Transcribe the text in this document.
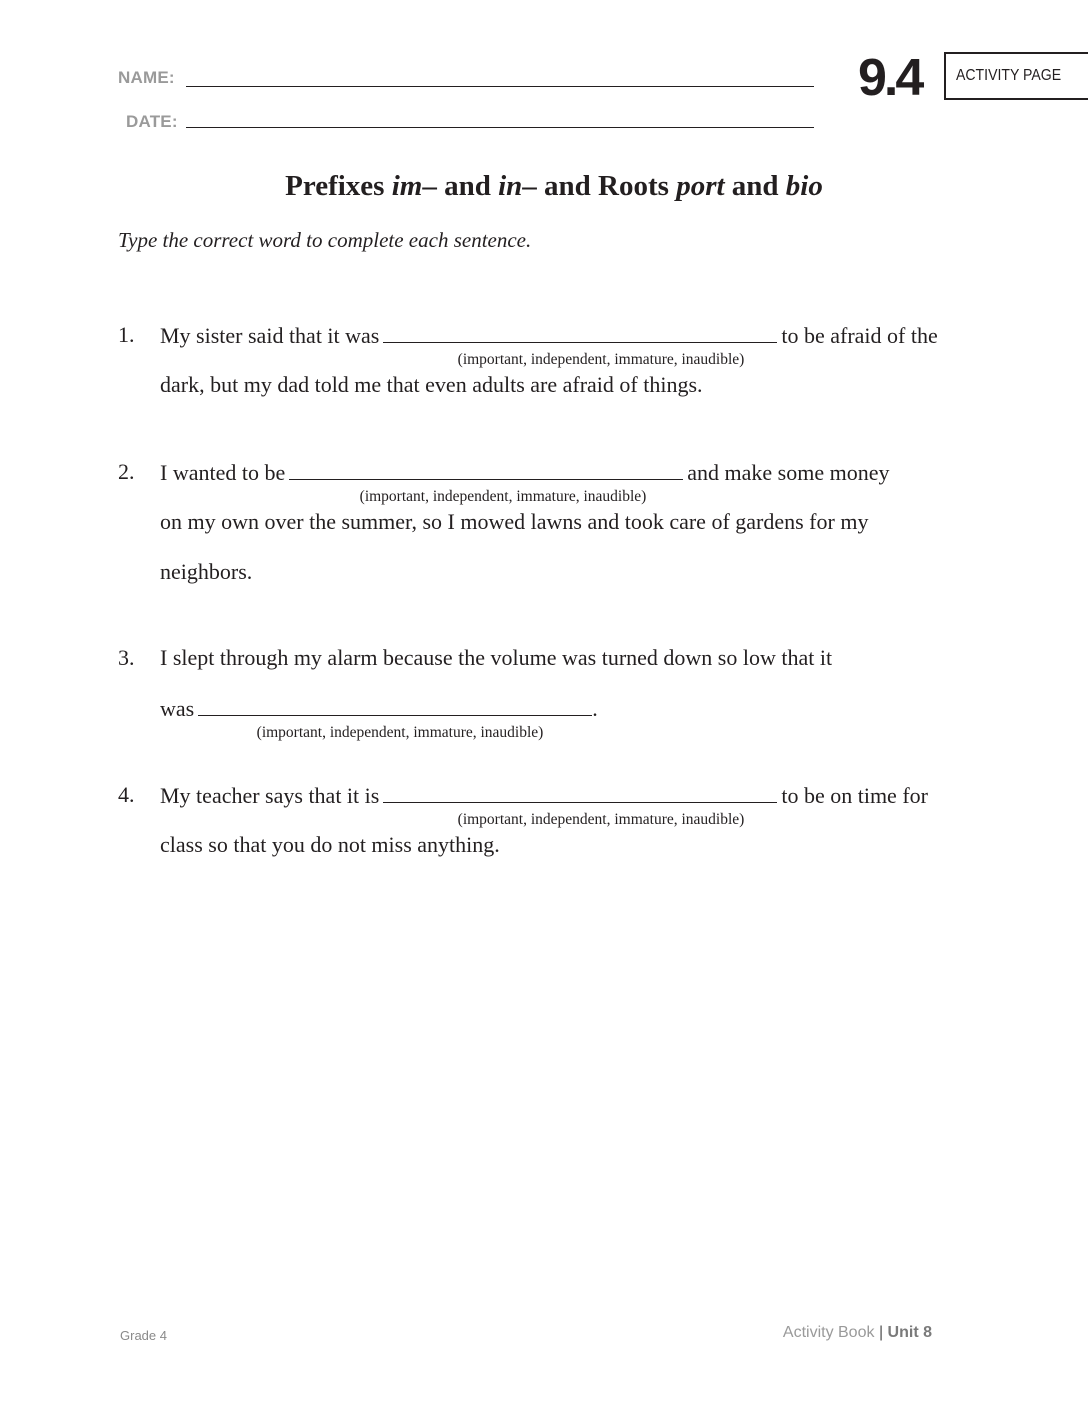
NAME:
DATE:
9.4 ACTIVITY PAGE
Prefixes im– and in– and Roots port and bio
Type the correct word to complete each sentence.
1. My sister said that it was	to be afraid of the
(important, independent, immature, inaudible)
dark, but my dad told me that even adults are afraid of things.
2. I wanted to be	and make some money
(important, independent, immature, inaudible)
on my own over the summer, so I mowed lawns and took care of gardens for my
neighbors.
3. I slept through my alarm because the volume was turned down so low that it
was	.
(important, independent, immature, inaudible)
4. My teacher says that it is	to be on time for
(important, independent, immature, inaudible)
class so that you do not miss anything.
Grade 4	Activity Book | Unit 8
